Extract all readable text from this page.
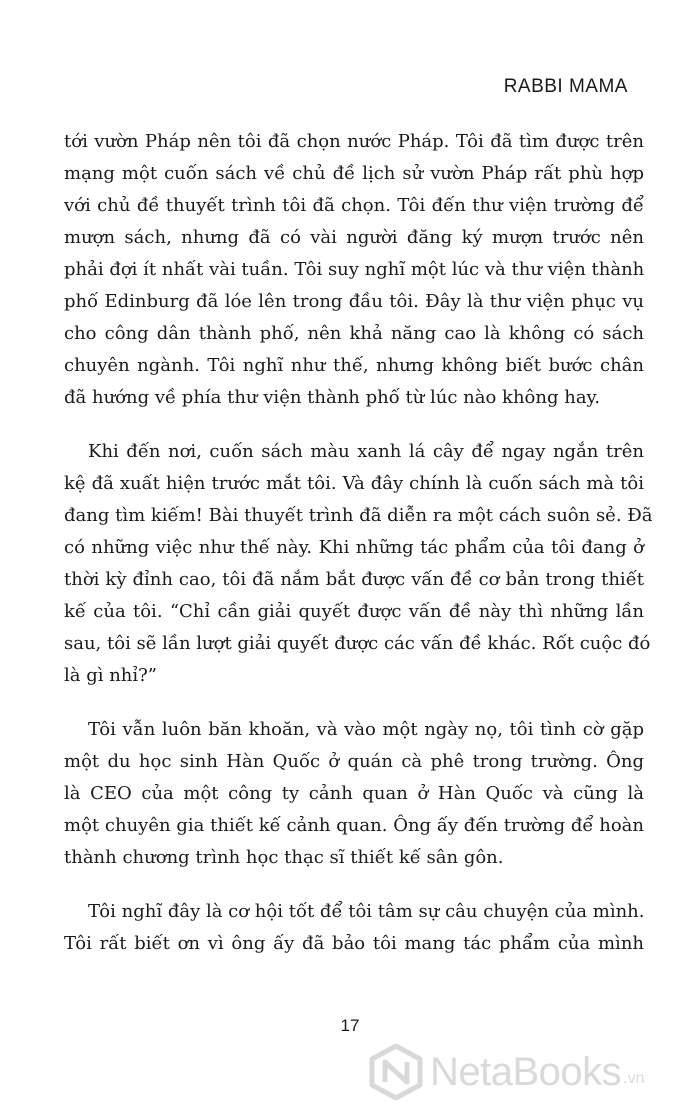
RABBI MAMA

tới vườn Pháp nên tôi đã chọn nước Pháp. Tôi đã tìm được trên
mạng một cuốn sách về chủ đề lịch sử vườn Pháp rất phù hợp
với chủ đề thuyết trình tôi đã chọn. Tôi đến thư viện trường để
mượn sách, nhưng đã có vài người đăng ký mượn trước nên
phải đợi ít nhất vài tuần. Tôi suy nghĩ một lúc và thư viện thành
phố Edinburg đã lóe lên trong đầu tôi. Đây là thư viện phục vụ
cho công dân thành phố, nên khả năng cao là không có sách
chuyên ngành. Tôi nghĩ như thế, nhưng không biết bước chân
đã hướng về phía thư viện thành phố từ lúc nào không hay.

Khi đến nơi, cuốn sách màu xanh lá cây để ngay ngắn trên
kệ đã xuất hiện trước mắt tôi. Và đây chính là cuốn sách mà tôi
đang tìm kiếm! Bài thuyết trình đã diễn ra một cách suôn sẻ. Đã
có những việc như thế này. Khi những tác phẩm của tôi đang ở
thời kỳ đỉnh cao, tôi đã nắm bắt được vấn đề cơ bản trong thiết
kế của tôi. “Chỉ cần giải quyết được vấn đề này thì những lần
sau, tôi sẽ lần lượt giải quyết được các vấn đề khác. Rốt cuộc đó
là gì nhỉ?”

Tôi vẫn luôn băn khoăn, và vào một ngày nọ, tôi tình cờ gặp
một du học sinh Hàn Quốc ở quán cà phê trong trường. Ông
là CEO của một công ty cảnh quan ở Hàn Quốc và cũng là
một chuyên gia thiết kế cảnh quan. Ông ấy đến trường để hoàn
thành chương trình học thạc sĩ thiết kế sân gôn.

Tôi nghĩ đây là cơ hội tốt để tôi tâm sự câu chuyện của mình.
Tôi rất biết ơn vì ông ấy đã bảo tôi mang tác phẩm của mình

17
NetaBooks .vn
